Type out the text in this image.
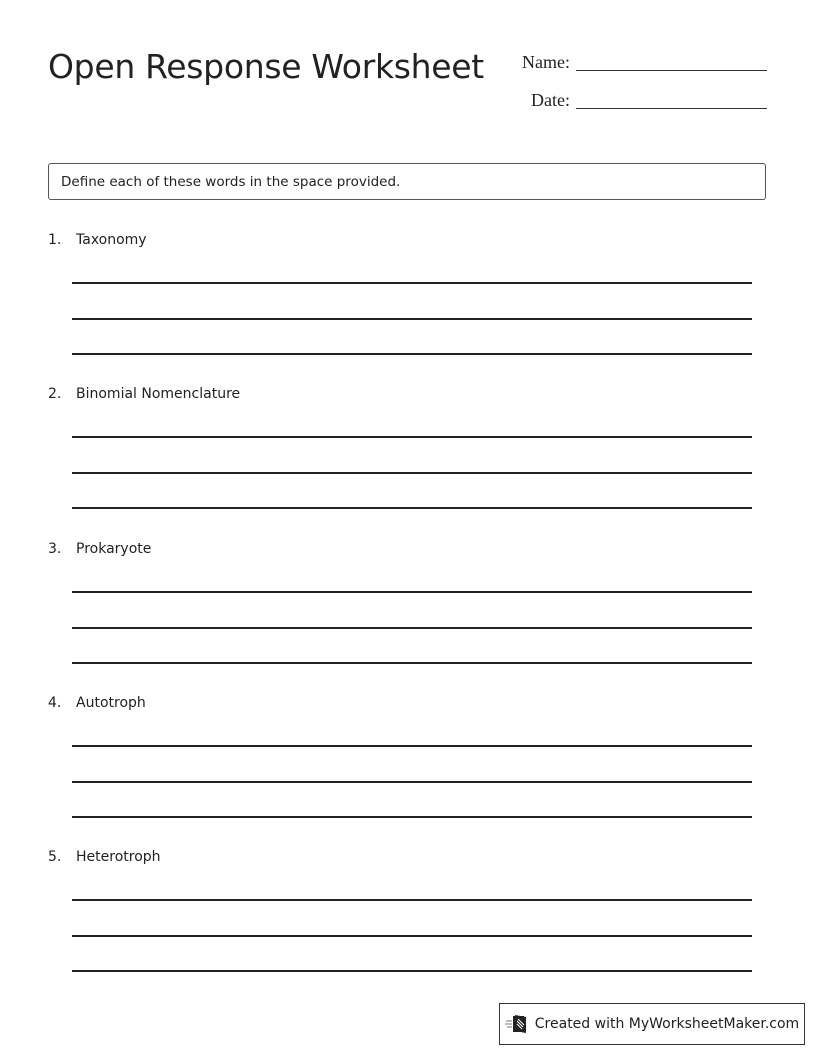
Open Response Worksheet	Name:
Date:
Define each of these words in the space provided.
1.	Taxonomy
2.	Binomial Nomenclature
3.	Prokaryote
4.	Autotroph
5.	Heterotroph
Created with MyWorksheetMaker.com
